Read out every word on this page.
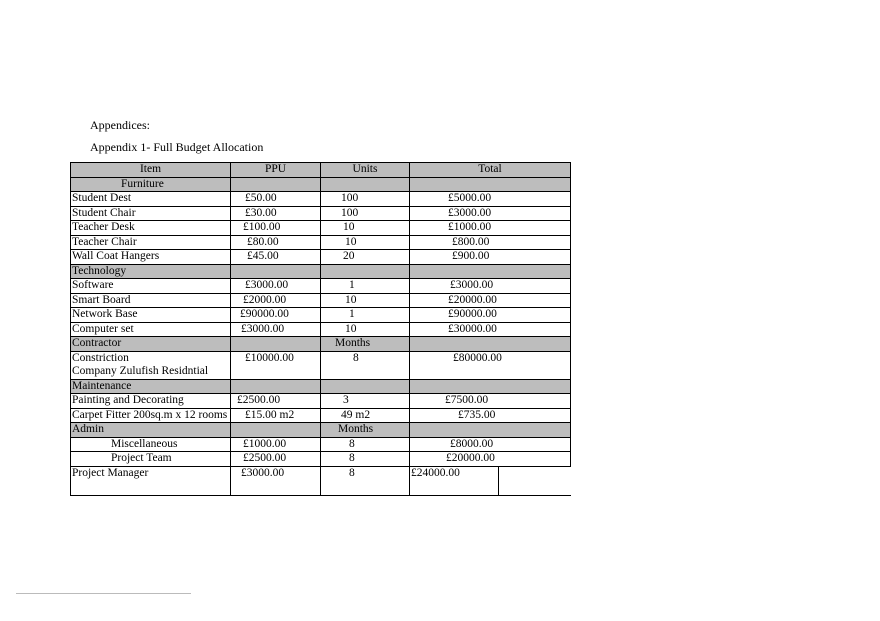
Appendices:
Appendix 1- Full Budget Allocation
Item	PPU	Units	Total
Furniture			
Student Dest	£50.00	100	£5000.00
Student Chair	£30.00	100	£3000.00
Teacher Desk	£100.00	10	£1000.00
Teacher Chair	£80.00	10	£800.00
Wall Coat Hangers	£45.00	20	£900.00
Technology			
Software	£3000.00	1	£3000.00
Smart Board	£2000.00	10	£20000.00
Network Base	£90000.00	1	£90000.00
Computer set	£3000.00	10	£30000.00
Contractor		Months	

Constriction
Company Zulufish Residntial	£10000.00	8	£80000.00
Maintenance			
Painting and Decorating	£2500.00	3	£7500.00
Carpet Fitter 200sq.m x 12 rooms	£15.00 m2	49 m2	£735.00
Admin		Months	
Miscellaneous	£1000.00	8	£8000.00
Project Team	£2500.00	8	£20000.00
Project Manager	£3000.00	8	£24000.00
